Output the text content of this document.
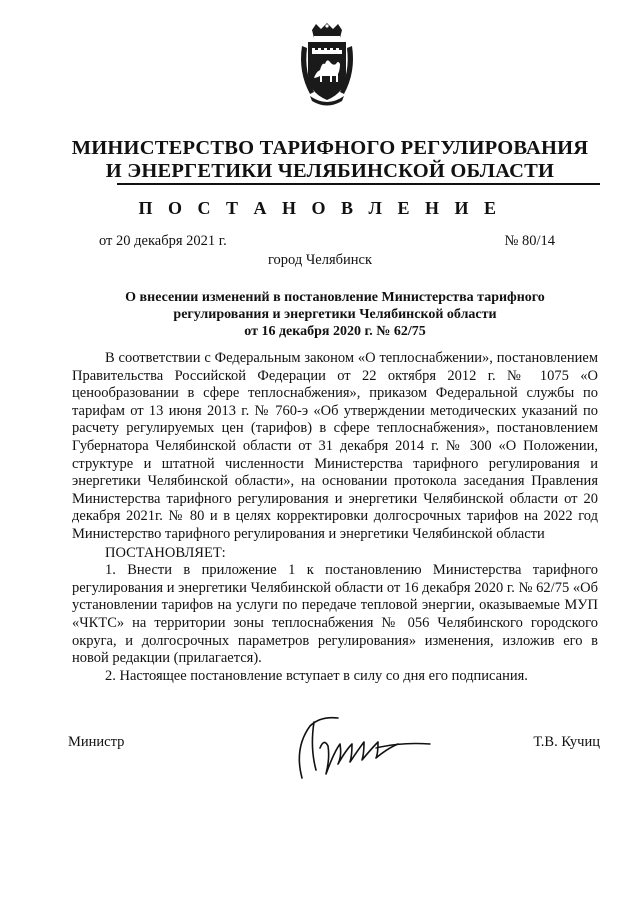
МИНИСТЕРСТВО ТАРИФНОГО РЕГУЛИРОВАНИЯ
И ЭНЕРГЕТИКИ ЧЕЛЯБИНСКОЙ ОБЛАСТИ
П О С Т А Н О В Л Е Н И Е
от 20 декабря 2021 г.	№ 80/14
город Челябинск
О внесении изменений в постановление Министерства тарифного
регулирования и энергетики Челябинской области
от 16 декабря 2020 г. № 62/75

В соответствии с Федеральным законом «О теплоснабжении», постановлением Правительства Российской Федерации от 22 октября 2012 г. № 1075 «О ценообразовании в сфере теплоснабжения», приказом Федеральной службы по тарифам от 13 июня 2013 г. № 760-э «Об утверждении методических указаний по расчету регулируемых цен (тарифов) в сфере теплоснабжения», постановлением Губернатора Челябинской области от 31 декабря 2014 г. № 300 «О Положении, структуре и штатной численности Министерства тарифного регулирования и энергетики Челябинской области», на основании протокола заседания Правления Министерства тарифного регулирования и энергетики Челябинской области от 20 декабря 2021г. № 80 и в целях корректировки долгосрочных тарифов на 2022 год Министерство тарифного регулирования и энергетики Челябинской области

ПОСТАНОВЛЯЕТ:

1. Внести в приложение 1 к постановлению Министерства тарифного регулирования и энергетики Челябинской области от 16 декабря 2020 г. № 62/75 «Об установлении тарифов на услуги по передаче тепловой энергии, оказываемые МУП «ЧКТС» на территории зоны теплоснабжения № 056 Челябинского городского округа, и долгосрочных параметров регулирования» изменения, изложив его в новой редакции (прилагается).

2. Настоящее постановление вступает в силу со дня его подписания.

Министр	Т.В. Кучиц
